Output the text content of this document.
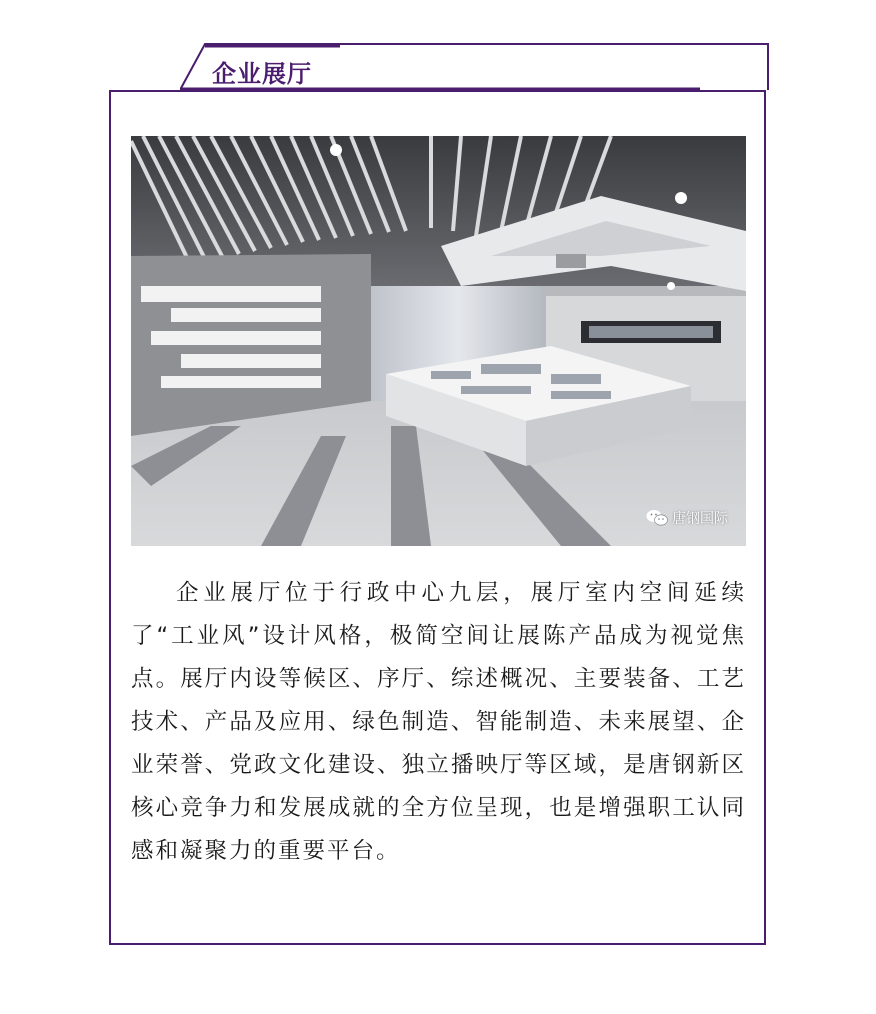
企业展厅
唐钢国际
企业展厅位于行政中心九层，展厅室内空间延续了“工业风”设计风格，极简空间让展陈产品成为视觉焦点。展厅内设等候区、序厅、综述概况、主要装备、工艺技术、产品及应用、绿色制造、智能制造、未来展望、企业荣誉、党政文化建设、独立播映厅等区域，是唐钢新区核心竞争力和发展成就的全方位呈现，也是增强职工认同感和凝聚力的重要平台。
